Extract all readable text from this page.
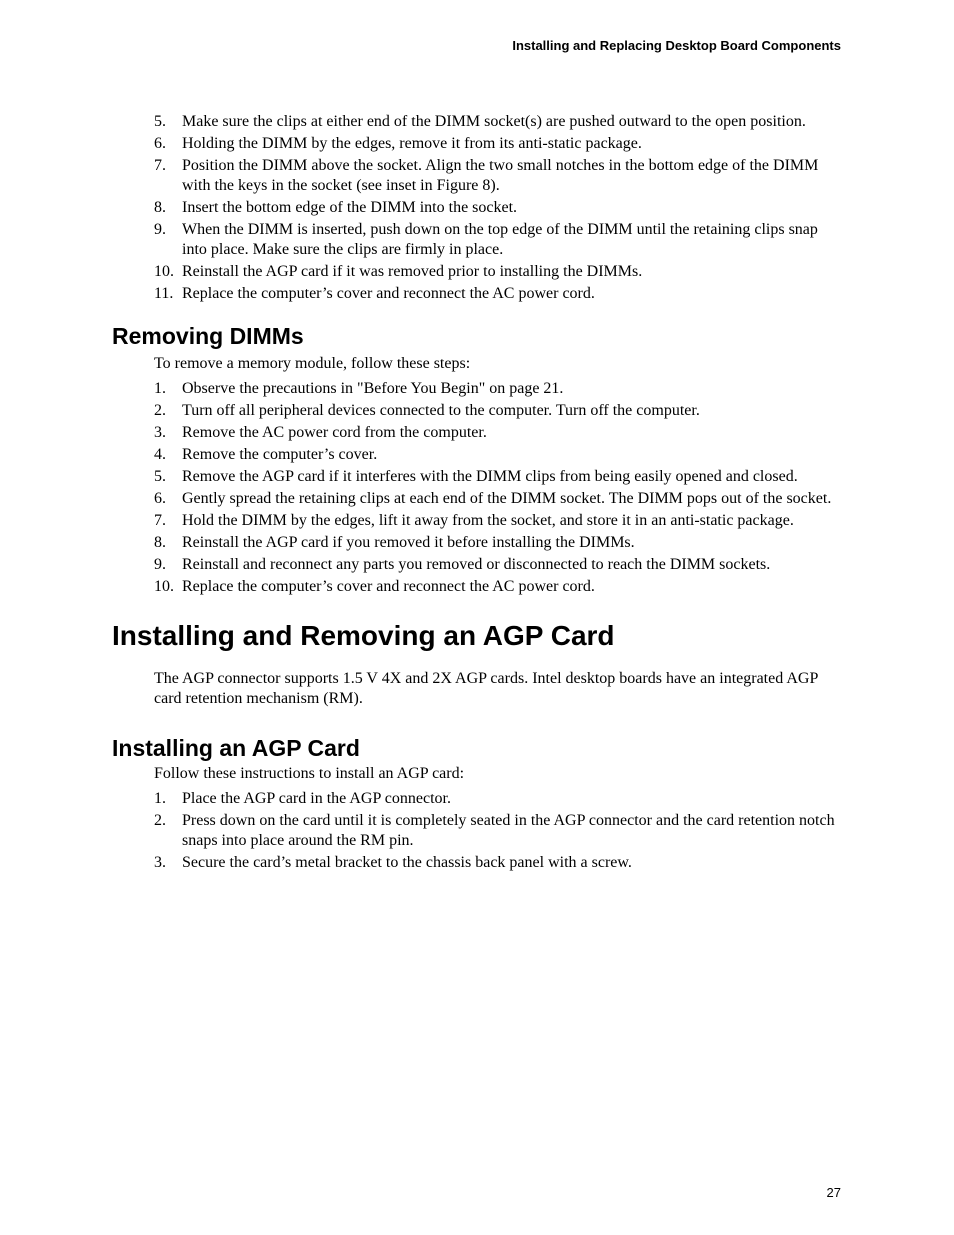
Installing and Replacing Desktop Board Components
5. Make sure the clips at either end of the DIMM socket(s) are pushed outward to the open position.
6. Holding the DIMM by the edges, remove it from its anti-static package.
7. Position the DIMM above the socket. Align the two small notches in the bottom edge of the DIMM with the keys in the socket (see inset in Figure 8).
8. Insert the bottom edge of the DIMM into the socket.
9. When the DIMM is inserted, push down on the top edge of the DIMM until the retaining clips snap into place. Make sure the clips are firmly in place.
10. Reinstall the AGP card if it was removed prior to installing the DIMMs.
11. Replace the computer’s cover and reconnect the AC power cord.
Removing DIMMs

To remove a memory module, follow these steps:

1. Observe the precautions in "Before You Begin" on page 21.
2. Turn off all peripheral devices connected to the computer. Turn off the computer.
3. Remove the AC power cord from the computer.
4. Remove the computer’s cover.
5. Remove the AGP card if it interferes with the DIMM clips from being easily opened and closed.
6. Gently spread the retaining clips at each end of the DIMM socket. The DIMM pops out of the socket.
7. Hold the DIMM by the edges, lift it away from the socket, and store it in an anti-static package.
8. Reinstall the AGP card if you removed it before installing the DIMMs.
9. Reinstall and reconnect any parts you removed or disconnected to reach the DIMM sockets.
10. Replace the computer’s cover and reconnect the AC power cord.
Installing and Removing an AGP Card

The AGP connector supports 1.5 V 4X and 2X AGP cards. Intel desktop boards have an integrated AGP card retention mechanism (RM).

Installing an AGP Card

Follow these instructions to install an AGP card:

1. Place the AGP card in the AGP connector.
2. Press down on the card until it is completely seated in the AGP connector and the card retention notch snaps into place around the RM pin.
3. Secure the card’s metal bracket to the chassis back panel with a screw.
27
